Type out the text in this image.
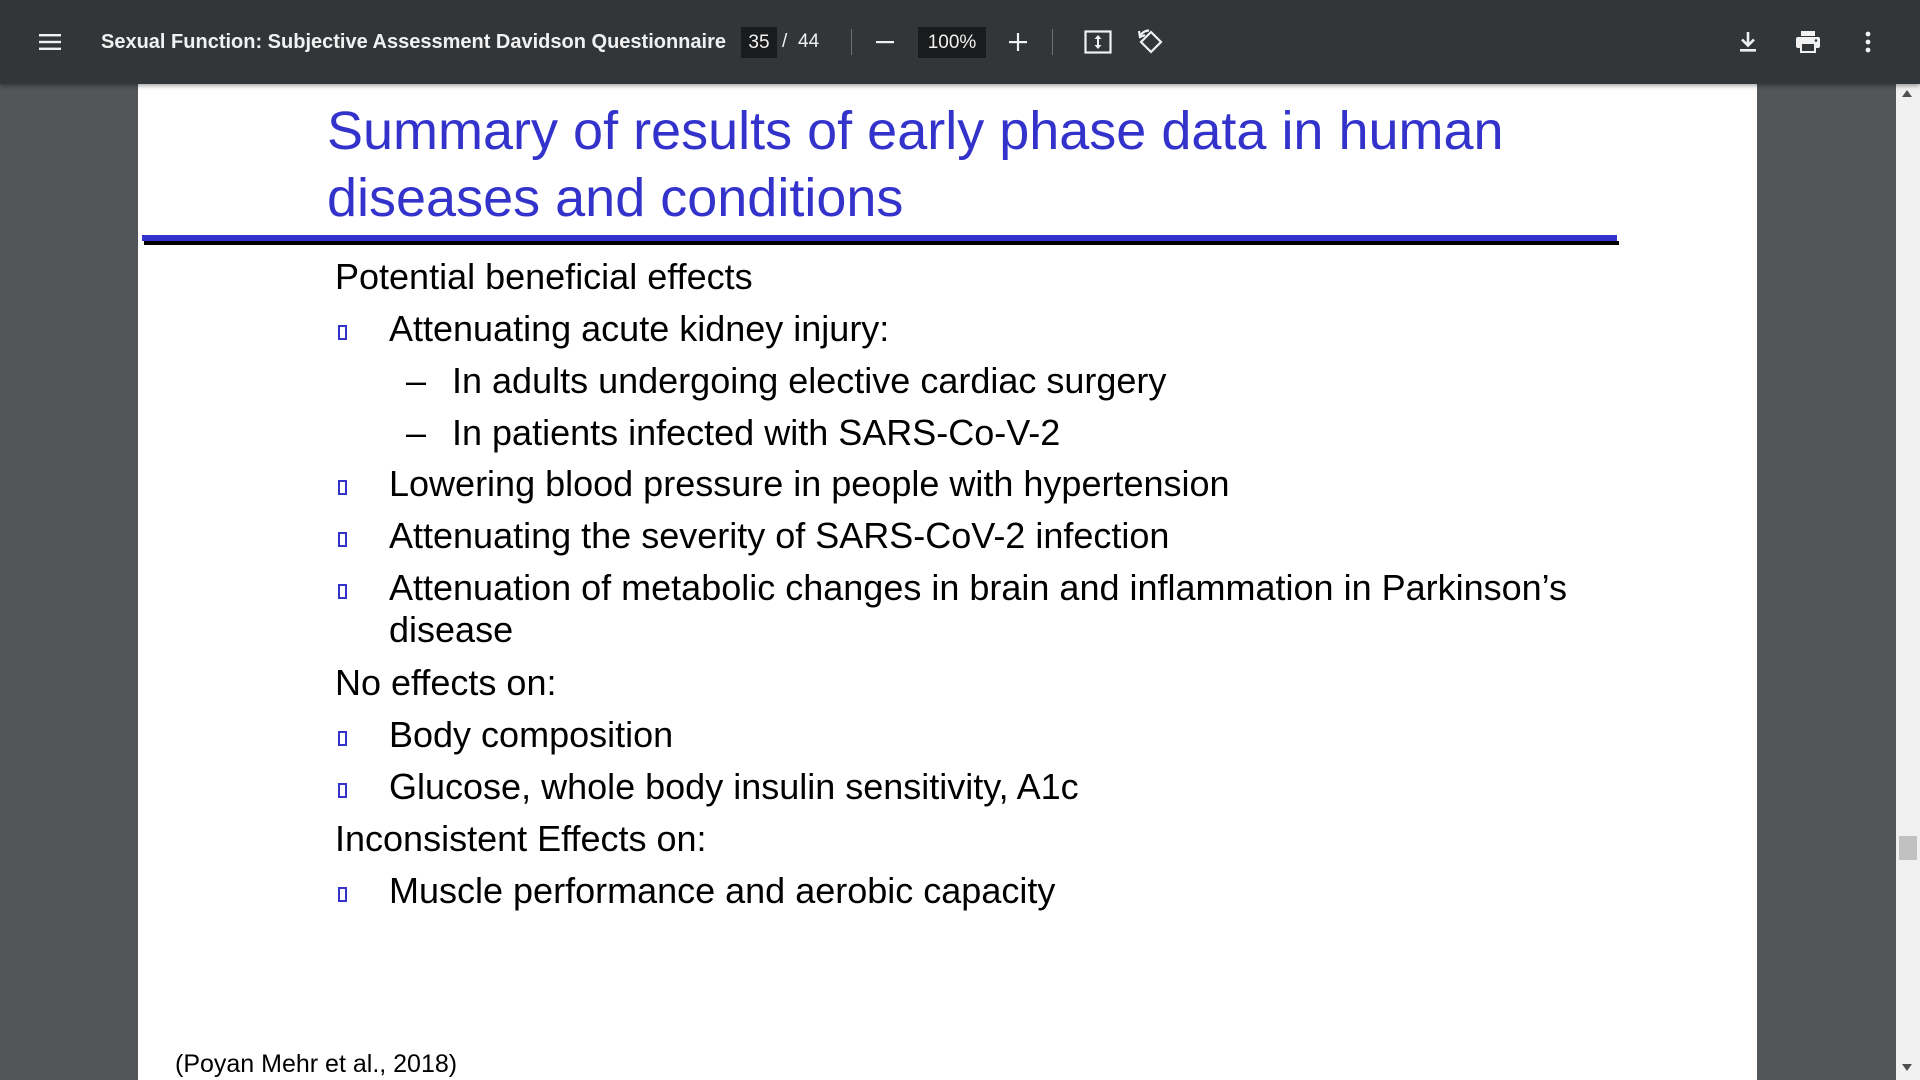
Sexual Function: Subjective Assessment Davidson Questionnaire
35	/ 44
100%
Summary of results of early phase data in human diseases and conditions
Potential beneficial effects
Attenuating acute kidney injury:
– In adults undergoing elective cardiac surgery
– In patients infected with SARS-Co-V-2
Lowering blood pressure in people with hypertension
Attenuating the severity of SARS-CoV-2 infection
Attenuation of metabolic changes in brain and inflammation in Parkinson’s disease
No effects on:
Body composition
Glucose, whole body insulin sensitivity, A1c
Inconsistent Effects on:
Muscle performance and aerobic capacity
(Poyan Mehr et al., 2018)
